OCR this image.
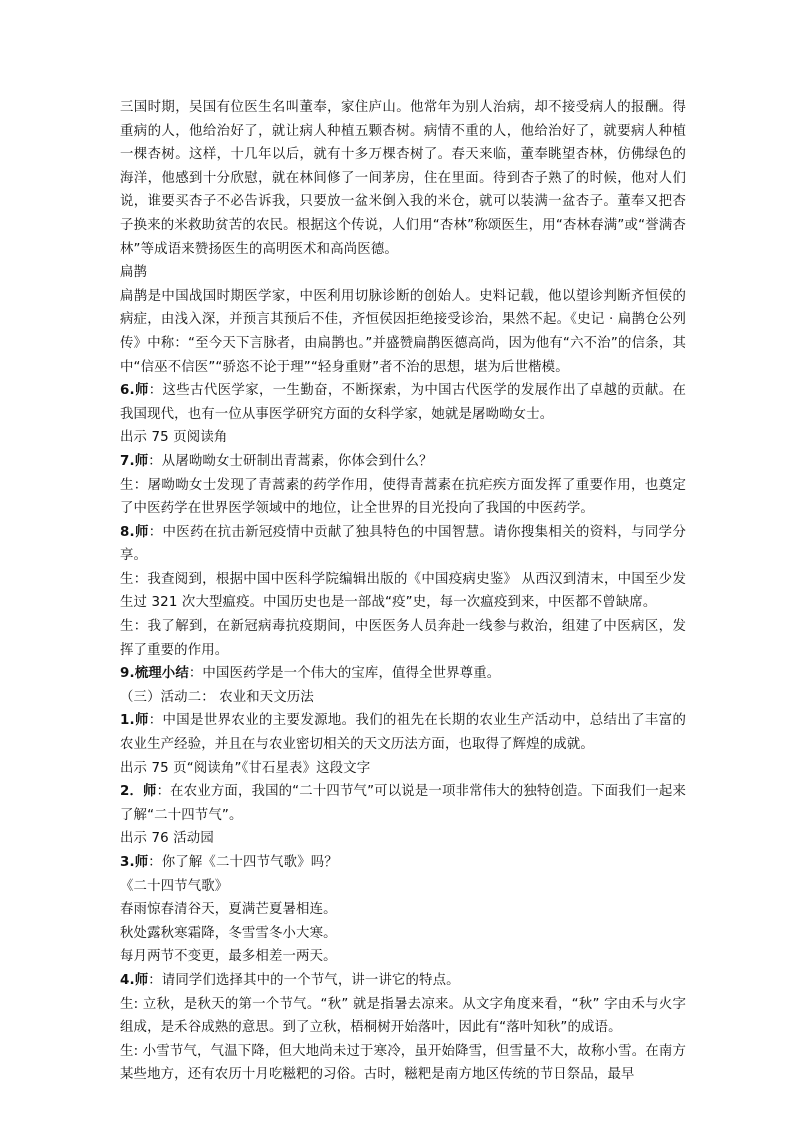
三国时期，吴国有位医生名叫董奉，家住庐山。他常年为别人治病，却不接受病人的报酬。得重病的人，他给治好了，就让病人种植五颗杏树。病情不重的人，他给治好了，就要病人种植一棵杏树。这样，十几年以后，就有十多万棵杏树了。春天来临，董奉眺望杏林，仿佛绿色的海洋，他感到十分欣慰，就在林间修了一间茅房，住在里面。待到杏子熟了的时候，他对人们说，谁要买杏子不必告诉我，只要放一盆米倒入我的米仓，就可以装满一盆杏子。董奉又把杏子换来的米救助贫苦的农民。根据这个传说，人们用“杏林”称颂医生，用“杏林春满”或“誉满杏林”等成语来赞扬医生的高明医术和高尚医德。

扁鹊

扁鹊是中国战国时期医学家，中医利用切脉诊断的创始人。史料记载，他以望诊判断齐恒侯的病症，由浅入深，并预言其预后不佳，齐恒侯因拒绝接受诊治，果然不起。《史记 · 扁鹊仓公列传》中称：“至今天下言脉者，由扁鹊也。”并盛赞扁鹊医德高尚，因为他有“六不治”的信条，其中“信巫不信医”“骄恣不论于理”“轻身重财”者不治的思想，堪为后世楷模。

6.师：这些古代医学家，一生勤奋，不断探索，为中国古代医学的发展作出了卓越的贡献。在我国现代，也有一位从事医学研究方面的女科学家，她就是屠呦呦女士。

出示 75 页阅读角

7.师：从屠呦呦女士研制出青蒿素，你体会到什么？

生：屠呦呦女士发现了青蒿素的药学作用，使得青蒿素在抗疟疾方面发挥了重要作用，也奠定了中医药学在世界医学领域中的地位，让全世界的目光投向了我国的中医药学。

8.师：中医药在抗击新冠疫情中贡献了独具特色的中国智慧。请你搜集相关的资料，与同学分享。

生：我查阅到，根据中国中医科学院编辑出版的《中国疫病史鉴》 从西汉到清末，中国至少发生过 321 次大型瘟疫。中国历史也是一部战“疫”史，每一次瘟疫到来，中医都不曾缺席。

生：我了解到，在新冠病毒抗疫期间，中医医务人员奔赴一线参与救治，组建了中医病区，发挥了重要的作用。

9.梳理小结：中国医药学是一个伟大的宝库，值得全世界尊重。

（三）活动二： 农业和天文历法

1.师：中国是世界农业的主要发源地。我们的祖先在长期的农业生产活动中，总结出了丰富的农业生产经验，并且在与农业密切相关的天文历法方面，也取得了辉煌的成就。

出示 75 页“阅读角”《甘石星表》这段文字

2．师：在农业方面，我国的“二十四节气”可以说是一项非常伟大的独特创造。下面我们一起来了解“二十四节气”。

出示 76 活动园

3.师：你了解《二十四节气歌》吗？

《二十四节气歌》

春雨惊春清谷天，夏满芒夏暑相连。

秋处露秋寒霜降，冬雪雪冬小大寒。

每月两节不变更，最多相差一两天。

4.师：请同学们选择其中的一个节气，讲一讲它的特点。

生: 立秋，是秋天的第一个节气。“秋” 就是指暑去凉来。从文字角度来看，“秋” 字由禾与火字组成，是禾谷成熟的意思。到了立秋，梧桐树开始落叶，因此有“落叶知秋”的成语。

生: 小雪节气，气温下降，但大地尚未过于寒冷，虽开始降雪，但雪量不大，故称小雪。在南方某些地方，还有农历十月吃糍粑的习俗。古时，糍粑是南方地区传统的节日祭品，最早
